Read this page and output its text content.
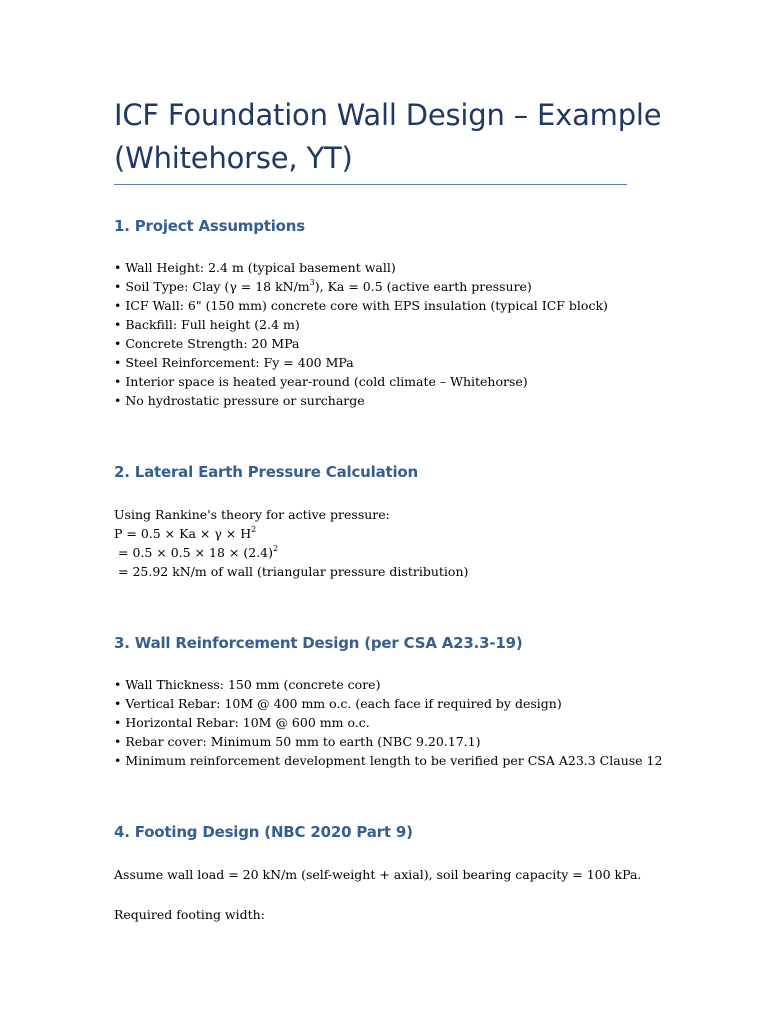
ICF Foundation Wall Design – Example
(Whitehorse, YT)
1. Project Assumptions
• Wall Height: 2.4 m (typical basement wall)
• Soil Type: Clay (γ = 18 $kN/m^3$), Ka = 0.5 (active earth pressure)
• ICF Wall: 6" (150 mm) concrete core with EPS insulation (typical ICF block)
• Backfill: Full height (2.4 m)
• Concrete Strength: 20 MPa
• Steel Reinforcement: Fy = 400 MPa
• Interior space is heated year-round (cold climate – Whitehorse)
• No hydrostatic pressure or surcharge
2. Lateral Earth Pressure Calculation
Using Rankine's theory for active pressure:
$P = 0.5 \times Ka \times \gamma \times H^2$
= $0.5 \times 0.5 \times 18 \times (2.4)^2$
= 25.92 kN/m of wall (triangular pressure distribution)
3. Wall Reinforcement Design (per CSA A23.3-19)
• Wall Thickness: 150 mm (concrete core)
• Vertical Rebar: 10M @ 400 mm o.c. (each face if required by design)
• Horizontal Rebar: 10M @ 600 mm o.c.
• Rebar cover: Minimum 50 mm to earth (NBC 9.20.17.1)
• Minimum reinforcement development length to be verified per CSA A23.3 Clause 12
4. Footing Design (NBC 2020 Part 9)
Assume wall load = 20 kN/m (self-weight + axial), soil bearing capacity = 100 kPa.
Required footing width:
